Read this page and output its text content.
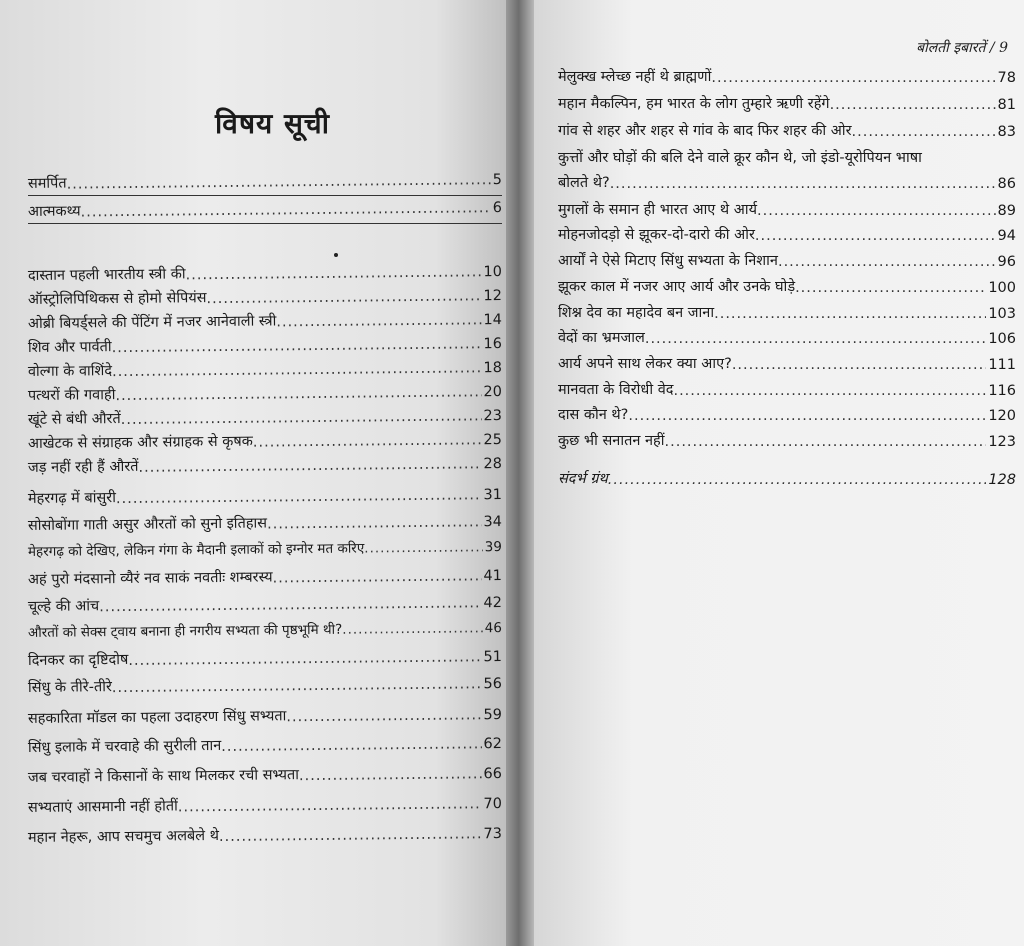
बोलती इबारतें / 9
विषय सूची
समर्पित .....	5
आत्मकथ्य .....	6
दास्तान पहली भारतीय स्त्री की .....	10
ऑस्ट्रोलिपिथिकस से होमो सेपियंस .....	12
ओब्री बियर्ड्सले की पेंटिंग में नजर आनेवाली स्त्री .....	14
शिव और पार्वती .....	16
वोल्गा के वाशिंदे .....	18
पत्थरों की गवाही .....	20
खूंटे से बंधी औरतें .....	23
आखेटक से संग्राहक और संग्राहक से कृषक .....	25
जड़ नहीं रही हैं औरतें .....	28
मेहरगढ़ में बांसुरी .....	31
सोसोबोंगा गाती असुर औरतों को सुनो इतिहास .....	34
मेहरगढ़ को देखिए, लेकिन गंगा के मैदानी इलाकों को इग्नोर मत करिए .....	39
अहं पुरो मंदसानो व्यैरं नव साकं नवतीः शम्बरस्य .....	41
चूल्हे की आंच .....	42
औरतों को सेक्स ट्वाय बनाना ही नगरीय सभ्यता की पृष्ठभूमि थी? .....	46
दिनकर का दृष्टिदोष .....	51
सिंधु के तीरे-तीरे .....	56
सहकारिता मॉडल का पहला उदाहरण सिंधु सभ्यता .....	59
सिंधु इलाके में चरवाहे की सुरीली तान .....	62
जब चरवाहों ने किसानों के साथ मिलकर रची सभ्यता .....	66
सभ्यताएं आसमानी नहीं होतीं .....	70
महान नेहरू, आप सचमुच अलबेले थे .....	73
मेलुक्ख म्लेच्छ नहीं थे ब्राह्मणों .....	78
महान मैकल्पिन, हम भारत के लोग तुम्हारे ऋणी रहेंगे .....	81
गांव से शहर और शहर से गांव के बाद फिर शहर की ओर .....	83
कुत्तों और घोड़ों की बलि देने वाले क्रूर कौन थे, जो इंडो-यूरोपियन भाषा
बोलते थे? .....	86
मुगलों के समान ही भारत आए थे आर्य .....	89
मोहनजोदड़ो से झूकर-दो-दारो की ओर .....	94
आर्यों ने ऐसे मिटाए सिंधु सभ्यता के निशान .....	96
झूकर काल में नजर आए आर्य और उनके घोड़े .....	100
शिश्न देव का महादेव बन जाना .....	103
वेदों का भ्रमजाल .....	106
आर्य अपने साथ लेकर क्या आए? .....	111
मानवता के विरोधी वेद .....	116
दास कौन थे? .....	120
कुछ भी सनातन नहीं .....	123
संदर्भ ग्रंथ .....	128
